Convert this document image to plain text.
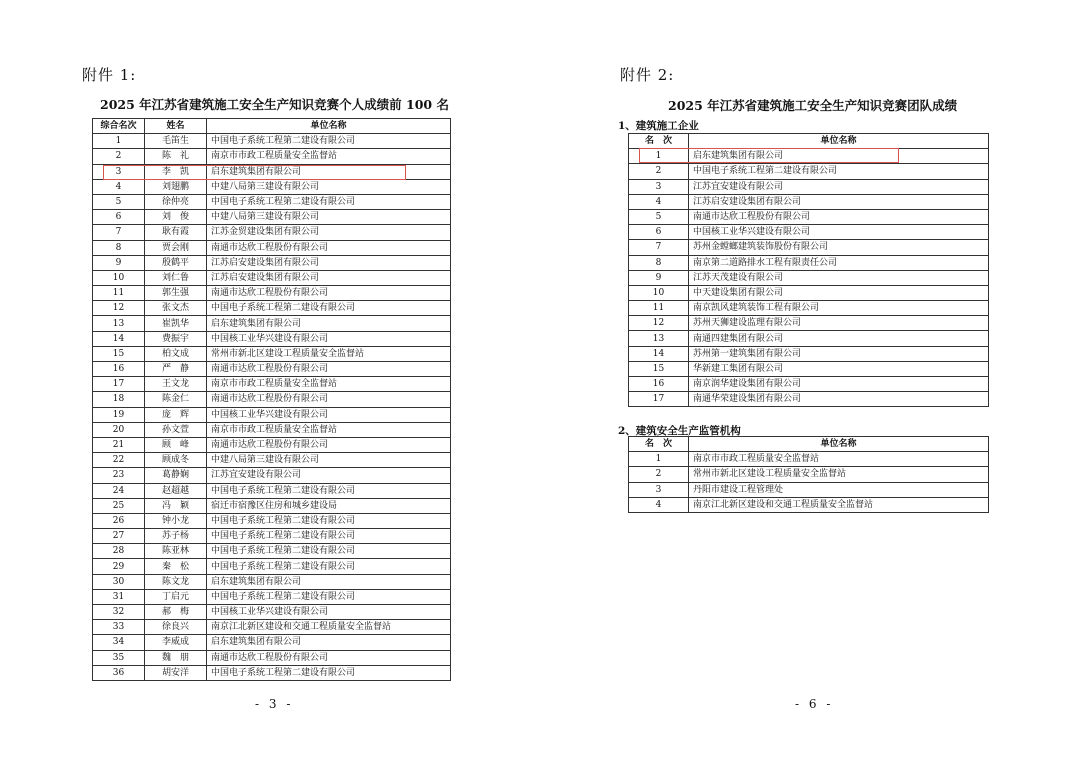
附件 1:
2025 年江苏省建筑施工安全生产知识竞赛个人成绩前 100 名
综合名次	姓名	单位名称
1	毛笛生	中国电子系统工程第二建设有限公司
2	陈　礼	南京市市政工程质量安全监督站
3	李　凯	启东建筑集团有限公司
4	刘翅鹏	中建八局第三建设有限公司
5	徐仲亮	中国电子系统工程第二建设有限公司
6	刘　俊	中建八局第三建设有限公司
7	耿有霞	江苏金贸建设集团有限公司
8	贾会刚	南通市达欣工程股份有限公司
9	殷鹤平	江苏启安建设集团有限公司
10	刘仁鲁	江苏启安建设集团有限公司
11	郭生强	南通市达欣工程股份有限公司
12	张文杰	中国电子系统工程第二建设有限公司
13	崔凯华	启东建筑集团有限公司
14	费振宇	中国核工业华兴建设有限公司
15	柏文成	常州市新北区建设工程质量安全监督站
16	严　静	南通市达欣工程股份有限公司
17	王文龙	南京市市政工程质量安全监督站
18	陈金仁	南通市达欣工程股份有限公司
19	庞　辉	中国核工业华兴建设有限公司
20	孙文萱	南京市市政工程质量安全监督站
21	顾　峰	南通市达欣工程股份有限公司
22	顾成冬	中建八局第三建设有限公司
23	葛静娴	江苏宜安建设有限公司
24	赵超越	中国电子系统工程第二建设有限公司
25	冯　颖	宿迁市宿豫区住房和城乡建设局
26	钟小龙	中国电子系统工程第二建设有限公司
27	苏子杨	中国电子系统工程第二建设有限公司
28	陈亚林	中国电子系统工程第二建设有限公司
29	秦　松	中国电子系统工程第二建设有限公司
30	陈文龙	启东建筑集团有限公司
31	丁启元	中国电子系统工程第二建设有限公司
32	郝　梅	中国核工业华兴建设有限公司
33	徐良兴	南京江北新区建设和交通工程质量安全监督站
34	李威成	启东建筑集团有限公司
35	魏　朋	南通市达欣工程股份有限公司
36	胡安洋	中国电子系统工程第二建设有限公司
- 3 -
附件 2:
2025 年江苏省建筑施工安全生产知识竞赛团队成绩
1、建筑施工企业
名　次	单位名称
1	启东建筑集团有限公司
2	中国电子系统工程第二建设有限公司
3	江苏宜安建设有限公司
4	江苏启安建设集团有限公司
5	南通市达欣工程股份有限公司
6	中国核工业华兴建设有限公司
7	苏州金螳螂建筑装饰股份有限公司
8	南京第二道路排水工程有限责任公司
9	江苏天茂建设有限公司
10	中天建设集团有限公司
11	南京凯风建筑装饰工程有限公司
12	苏州天狮建设监理有限公司
13	南通四建集团有限公司
14	苏州第一建筑集团有限公司
15	华新建工集团有限公司
16	南京润华建设集团有限公司
17	南通华荣建设集团有限公司
2、建筑安全生产监管机构
名　次	单位名称
1	南京市市政工程质量安全监督站
2	常州市新北区建设工程质量安全监督站
3	丹阳市建设工程管理处
4	南京江北新区建设和交通工程质量安全监督站
- 6 -
